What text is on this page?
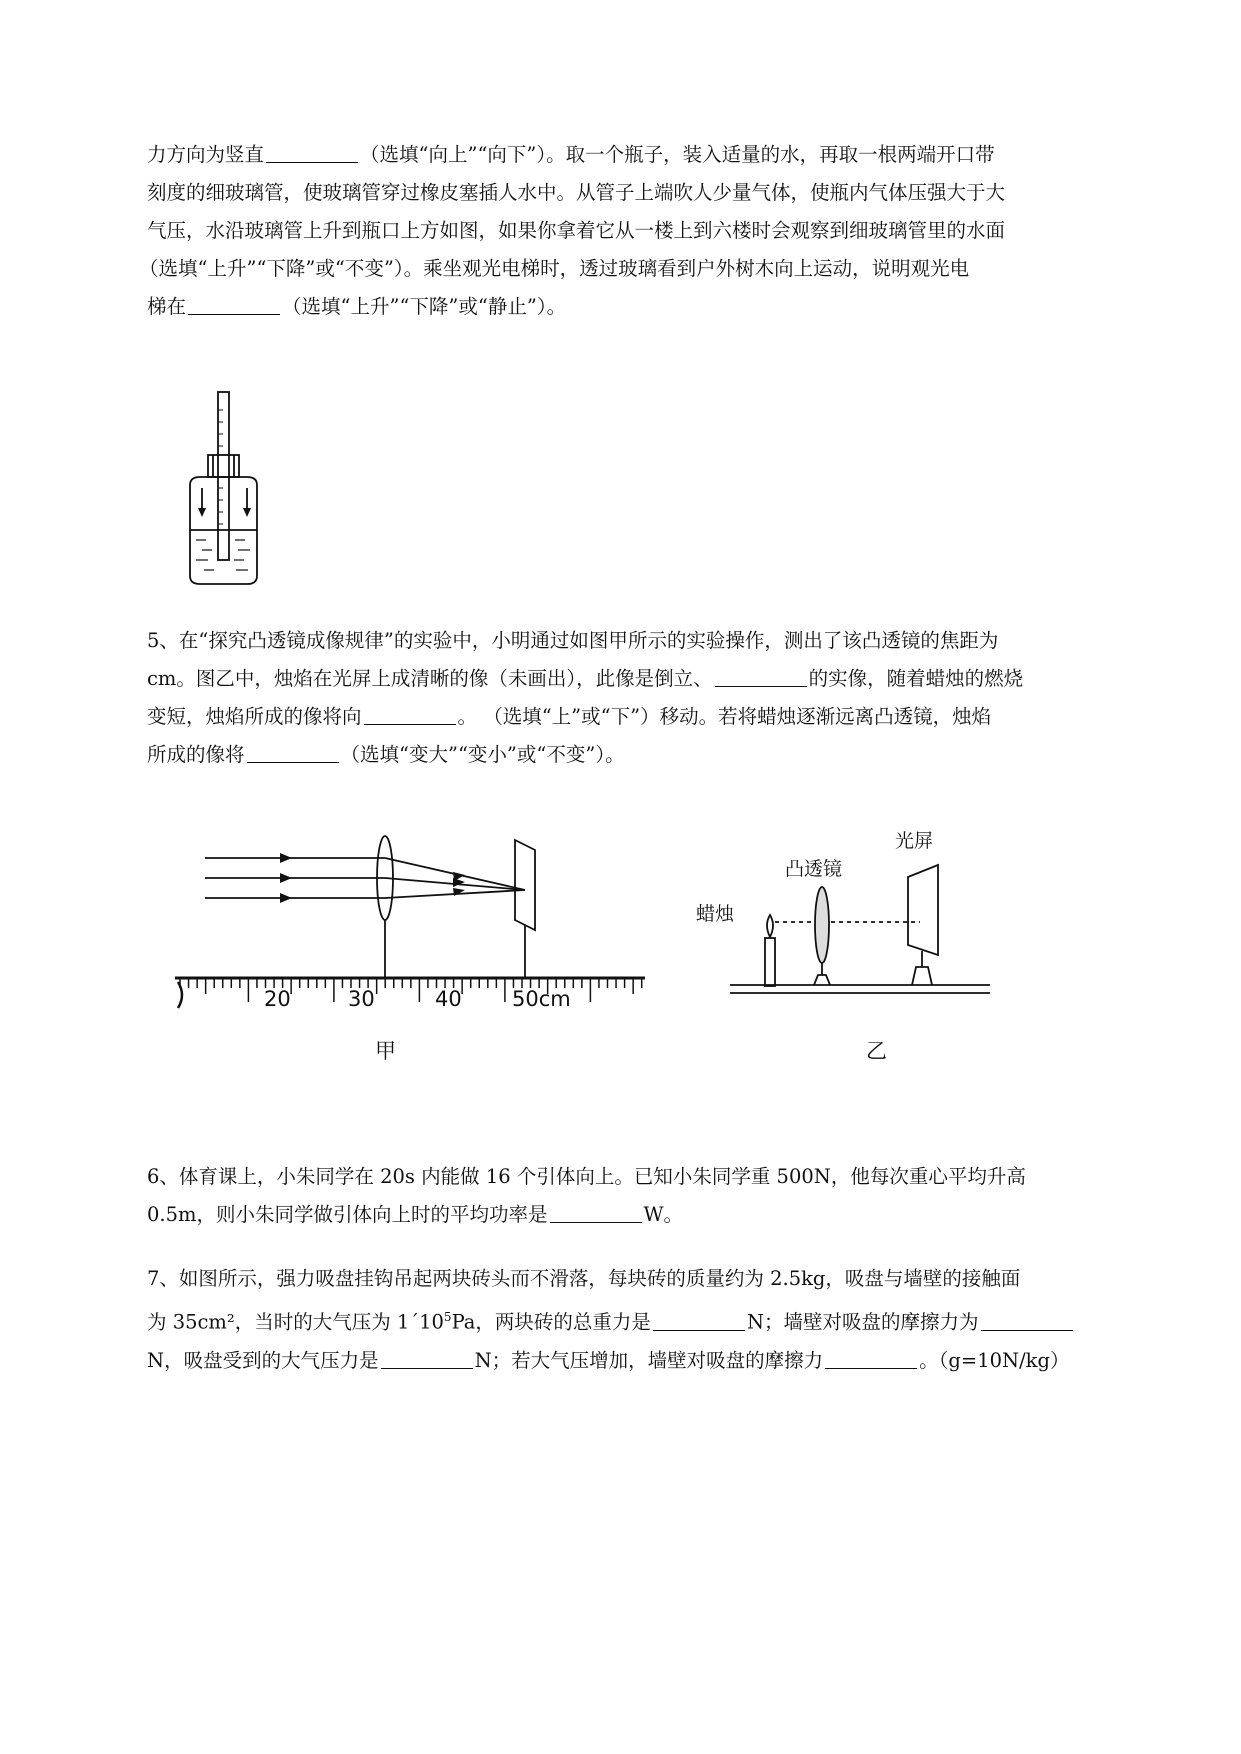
力方向为竖直	（选填“向上”“向下”）。取一个瓶子，装入适量的水，再取一根两端开口带
刻度的细玻璃管，使玻璃管穿过橡皮塞插人水中。从管子上端吹人少量气体，使瓶内气体压强大于大
气压，水沿玻璃管上升到瓶口上方如图，如果你拿着它从一楼上到六楼时会观察到细玻璃管里的水面
（选填“上升”“下降”或“不变”）。乘坐观光电梯时，透过玻璃看到户外树木向上运动，说明观光电
梯在	（选填“上升”“下降”或“静止”）。
5、在“探究凸透镜成像规律”的实验中，小明通过如图甲所示的实验操作，测出了该凸透镜的焦距为
cm。图乙中，烛焰在光屏上成清晰的像（未画出），此像是倒立、	的实像，随着蜡烛的燃烧
变短，烛焰所成的像将向	。 （选填“上”或“下”）移动。若将蜡烛逐渐远离凸透镜，烛焰
所成的像将	（选填“变大”“变小”或“不变”）。
20	30	40 50cm
甲
光屏
凸透镜
蜡烛
乙
6、体育课上，小朱同学在 20s 内能做 16 个引体向上。已知小朱同学重 500N，他每次重心平均升高
0.5m，则小朱同学做引体向上时的平均功率是	W。
7、如图所示，强力吸盘挂钩吊起两块砖头而不滑落，每块砖的质量约为 2.5kg，吸盘与墙壁的接触面
为 35cm²，当时的大气压为 $1´10^5Pa$，两块砖的总重力是	N；墙壁对吸盘的摩擦力为
N，吸盘受到的大气压力是	N；若大气压增加，墙壁对吸盘的摩擦力	。（g=10N/kg）
